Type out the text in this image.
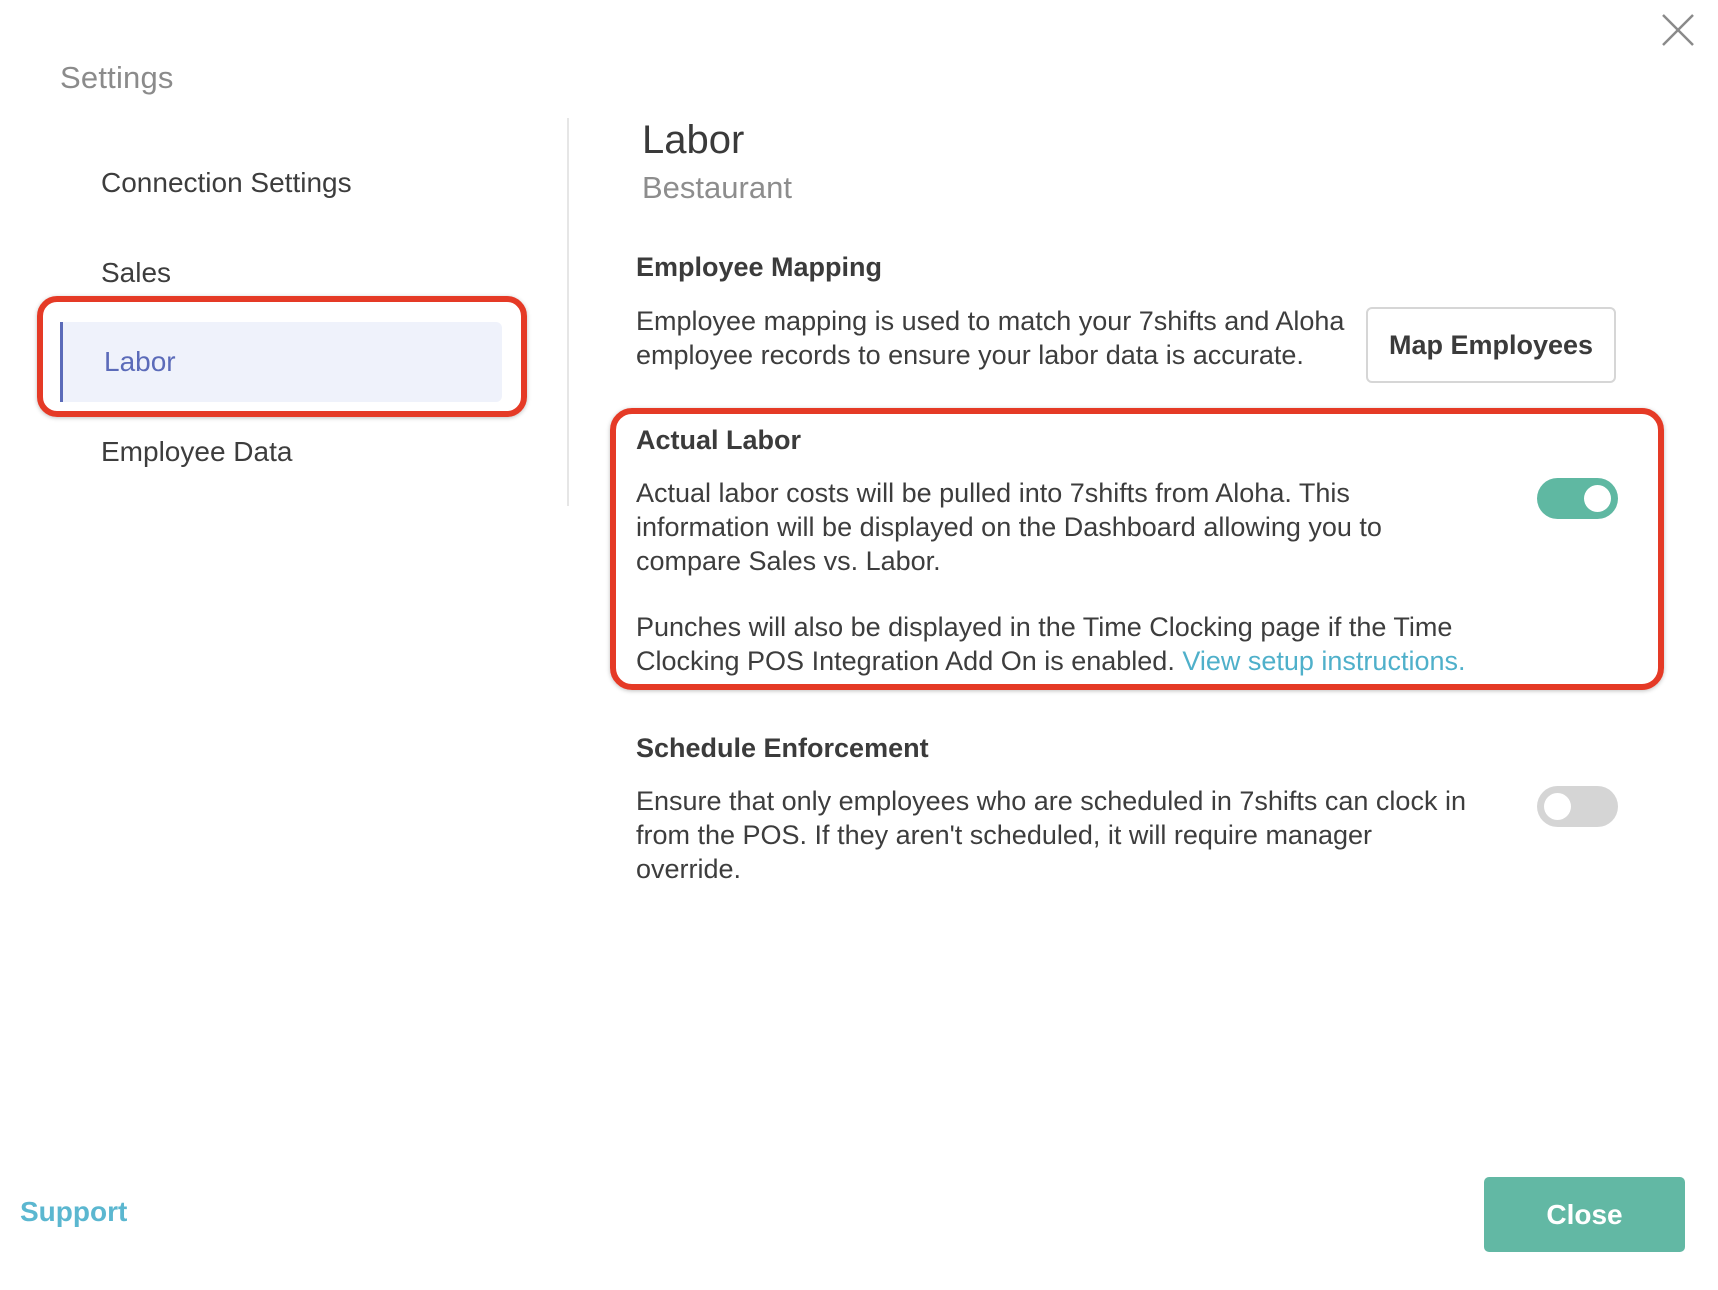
Settings
Connection Settings
Sales
Labor
Employee Data
Labor
Bestaurant
Employee Mapping
Employee mapping is used to match your 7shifts and Aloha
employee records to ensure your labor data is accurate.	Map Employees
Actual Labor
Actual labor costs will be pulled into 7shifts from Aloha. This
information will be displayed on the Dashboard allowing you to
compare Sales vs. Labor.
Punches will also be displayed in the Time Clocking page if the Time
Clocking POS Integration Add On is enabled. View setup instructions.
Schedule Enforcement
Ensure that only employees who are scheduled in 7shifts can clock in
from the POS. If they aren't scheduled, it will require manager
override.
Support	Close
